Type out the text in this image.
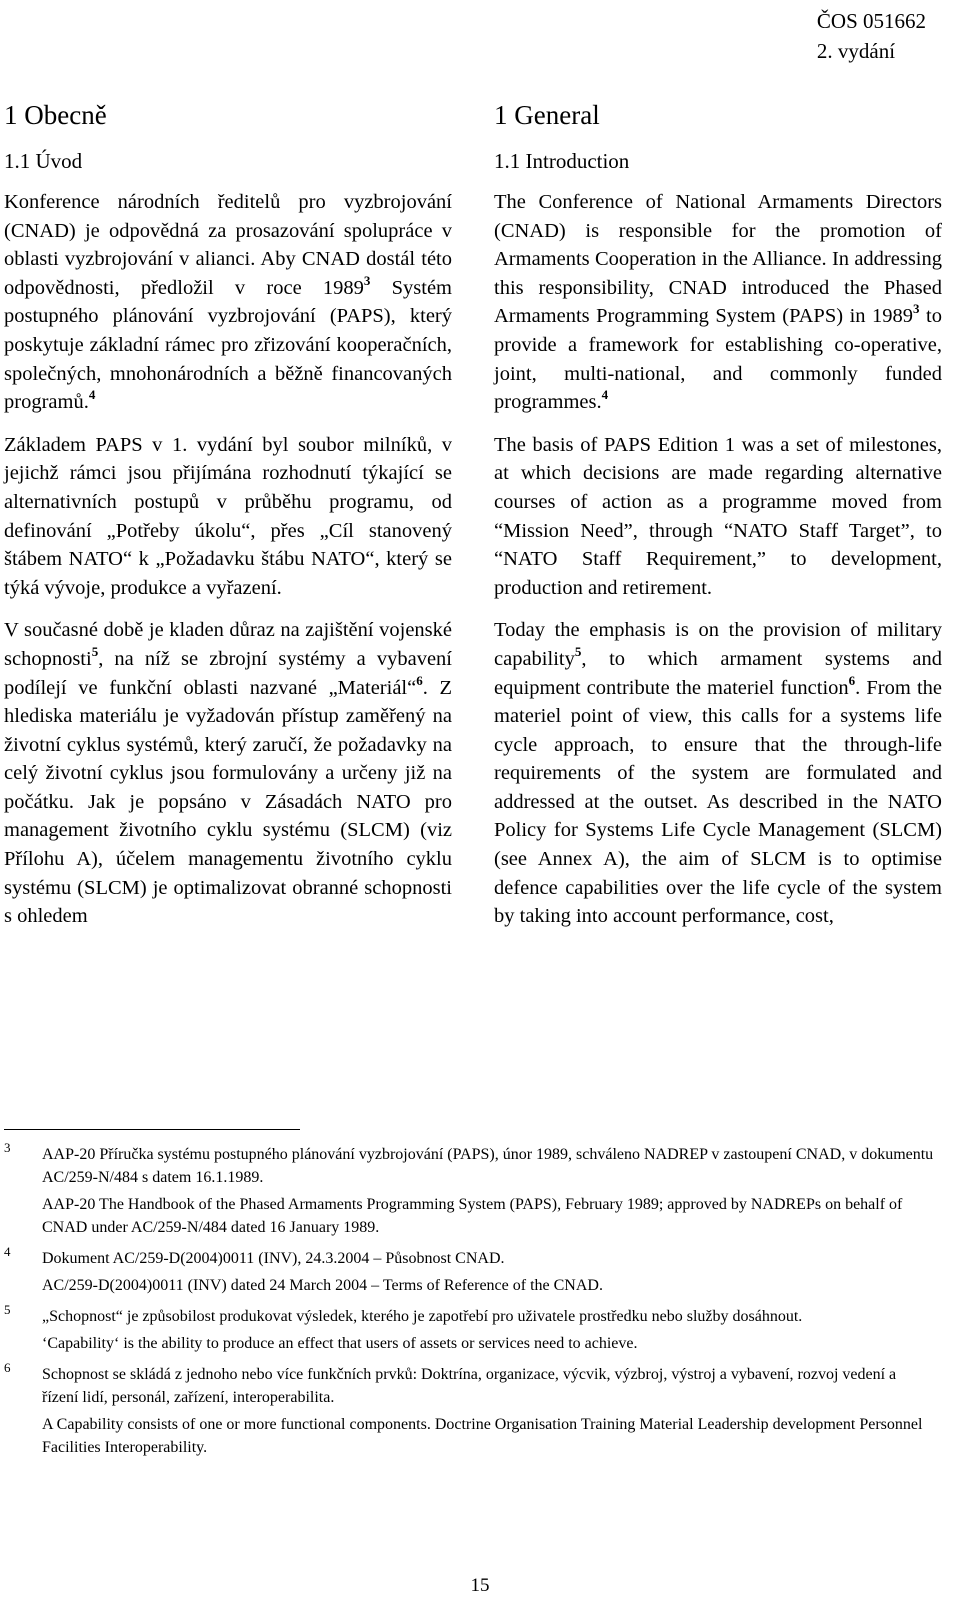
ČOS 051662
2. vydání
1 Obecně
1.1 Úvod

Konference národních ředitelů pro vyzbrojování (CNAD) je odpovědná za prosazování spolupráce v oblasti vyzbrojování v alianci. Aby CNAD dostál této odpovědnosti, předložil v roce 1989$^3$ Systém postupného plánování vyzbrojování (PAPS), který poskytuje základní rámec pro zřizování kooperačních, společných, mnohonárodních a běžně financovaných programů.$^4$

Základem PAPS v 1. vydání byl soubor milníků, v jejichž rámci jsou přijímána rozhodnutí týkající se alternativních postupů v průběhu programu, od definování „Potřeby úkolu“, přes „Cíl stanovený štábem NATO“ k „Požadavku štábu NATO“, který se týká vývoje, produkce a vyřazení.

V současné době je kladen důraz na zajištění vojenské schopnosti$^5$, na níž se zbrojní systémy a vybavení podílejí ve funkční oblasti nazvané „Materiál“$^6$. Z hlediska materiálu je vyžadován přístup zaměřený na životní cyklus systémů, který zaručí, že požadavky na celý životní cyklus jsou formulovány a určeny již na počátku. Jak je popsáno v Zásadách NATO pro management životního cyklu systému (SLCM) (viz Přílohu A), účelem managementu životního cyklu systému (SLCM) je optimalizovat obranné schopnosti s ohledem

1 General
1.1 Introduction

The Conference of National Armaments Directors (CNAD) is responsible for the promotion of Armaments Cooperation in the Alliance. In addressing this responsibility, CNAD introduced the Phased Armaments Programming System (PAPS) in 1989$^3$ to provide a framework for establishing co-operative, joint, multi-national, and commonly funded programmes.$^4$

The basis of PAPS Edition 1 was a set of milestones, at which decisions are made regarding alternative courses of action as a programme moved from “Mission Need”, through “NATO Staff Target”, to “NATO Staff Requirement,” to development, production and retirement.

Today the emphasis is on the provision of military capability$^5$, to which armament systems and equipment contribute the materiel function$^6$. From the materiel point of view, this calls for a systems life cycle approach, to ensure that the through-life requirements of the system are formulated and addressed at the outset. As described in the NATO Policy for Systems Life Cycle Management (SLCM) (see Annex A), the aim of SLCM is to optimise defence capabilities over the life cycle of the system by taking into account performance, cost,

3 AAP-20 Příručka systému postupného plánování vyzbrojování (PAPS), únor 1989, schváleno NADREP v zastoupení CNAD, v dokumentu AC/259-N/484 s datem 16.1.1989.
AAP-20 The Handbook of the Phased Armaments Programming System (PAPS), February 1989; approved by NADREPs on behalf of CNAD under AC/259-N/484 dated 16 January 1989.
4 Dokument AC/259-D(2004)0011 (INV), 24.3.2004 – Působnost CNAD.
AC/259-D(2004)0011 (INV) dated 24 March 2004 – Terms of Reference of the CNAD.
5 „Schopnost“ je způsobilost produkovat výsledek, kterého je zapotřebí pro uživatele prostředku nebo služby dosáhnout.
‘Capability‘ is the ability to produce an effect that users of assets or services need to achieve.
6 Schopnost se skládá z jednoho nebo více funkčních prvků: Doktrína, organizace, výcvik, výzbroj, výstroj a vybavení, rozvoj vedení a řízení lidí, personál, zařízení, interoperabilita.
A Capability consists of one or more functional components. Doctrine Organisation Training Material Leadership development Personnel Facilities Interoperability.
15
